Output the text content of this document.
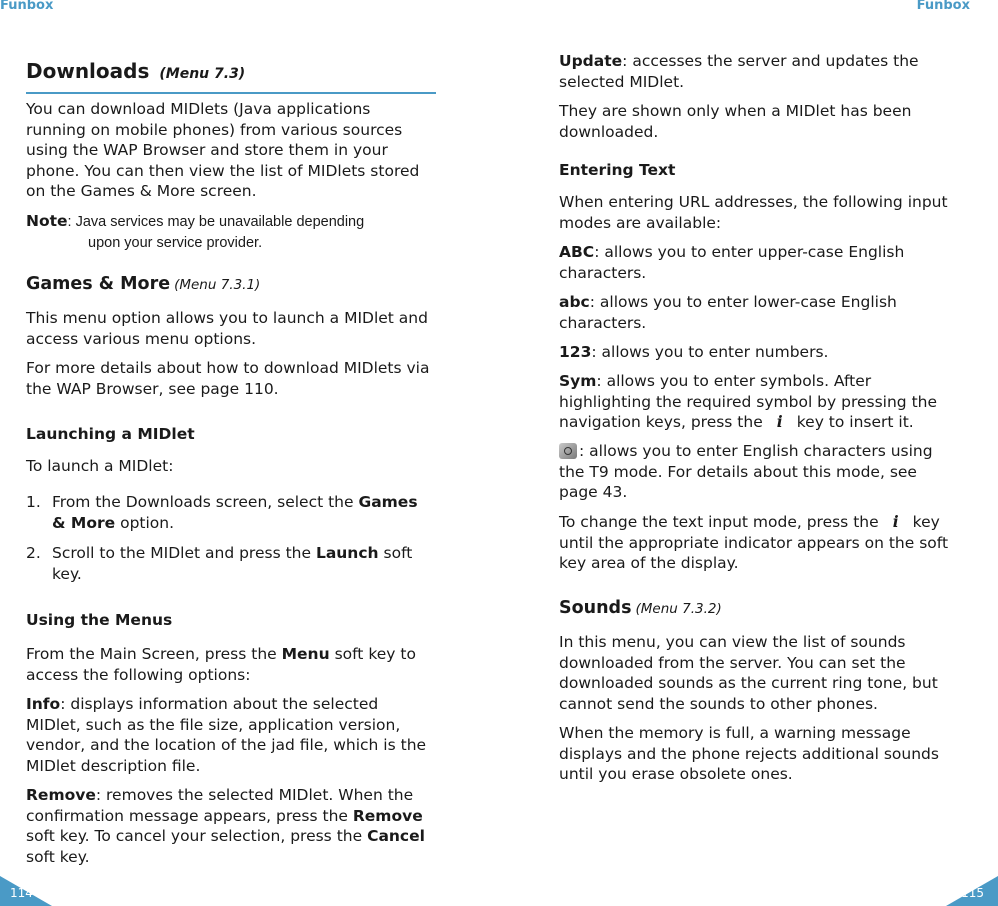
Funbox	Funbox

Downloads (Menu 7.3)

You can download MIDlets (Java applications

running on mobile phones) from various sources

using the WAP Browser and store them in your

phone. You can then view the list of MIDlets stored

on the Games & More screen.

Note: Java services may be unavailable depending
upon your service provider.
Games & More (Menu 7.3.1)

This menu option allows you to launch a MIDlet and

access various menu options.

For more details about how to download MIDlets via

the WAP Browser, see page 110.

Launching a MIDlet

To launch a MIDlet:

1. From the Downloads screen, select the Games
& More option.
2. Scroll to the MIDlet and press the Launch soft
key.

Using the Menus

From the Main Screen, press the Menu soft key to

access the following options:

Info: displays information about the selected

MIDlet, such as the file size, application version,

vendor, and the location of the jad file, which is the

MIDlet description file.

Remove: removes the selected MIDlet. When the

confirmation message appears, press the Remove

soft key. To cancel your selection, press the Cancel

soft key.

Update: accesses the server and updates the

selected MIDlet.

They are shown only when a MIDlet has been

downloaded.

Entering Text

When entering URL addresses, the following input

modes are available:

ABC: allows you to enter upper-case English

characters.

abc: allows you to enter lower-case English

characters.

123: allows you to enter numbers.

Sym: allows you to enter symbols. After

highlighting the required symbol by pressing the

navigation keys, press the i key to insert it.

: allows you to enter English characters using

the T9 mode. For details about this mode, see

page 43.

To change the text input mode, press the i key

until the appropriate indicator appears on the soft

key area of the display.

Sounds (Menu 7.3.2)

In this menu, you can view the list of sounds

downloaded from the server. You can set the

downloaded sounds as the current ring tone, but

cannot send the sounds to other phones.

When the memory is full, a warning message

displays and the phone rejects additional sounds

until you erase obsolete ones.

114	115
